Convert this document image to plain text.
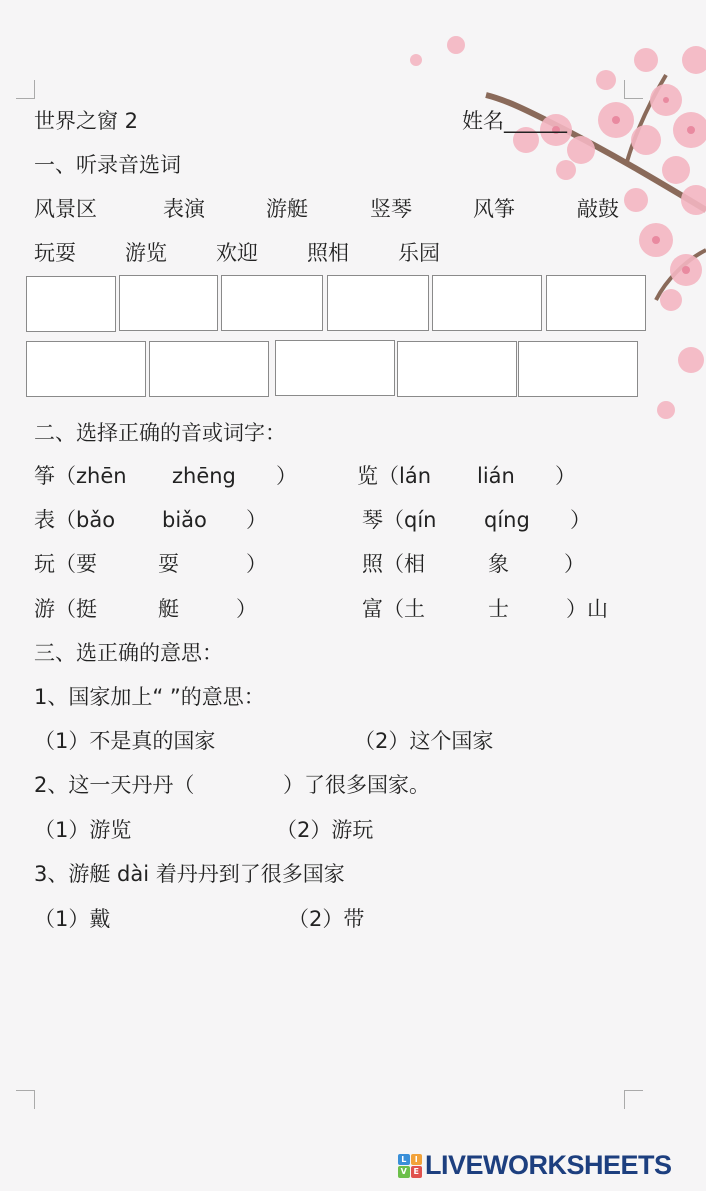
世界之窗 2	姓名______
一、听录音选词
风景区	表演	游艇	竖琴	风筝	敲鼓
玩耍 游览 欢迎 照相 乐园
二、选择正确的音或词字：
筝（zhēn zhēng ）	览（lán lián ）
表（bǎo biǎo ）	琴（qín qíng ）
玩（要	耍	）	照（相	象	）
游（挺	艇	）	富（土	士	）山
三、选正确的意思：
1、国家加上“ ”的意思：
（1）不是真的国家	（2）这个国家
2、这一天丹丹（	）了很多国家。
（1）游览	（2）游玩
3、游艇 dài 着丹丹到了很多国家
（1）戴	（2）带
L	I
V E LIVEWORKSHEETS
